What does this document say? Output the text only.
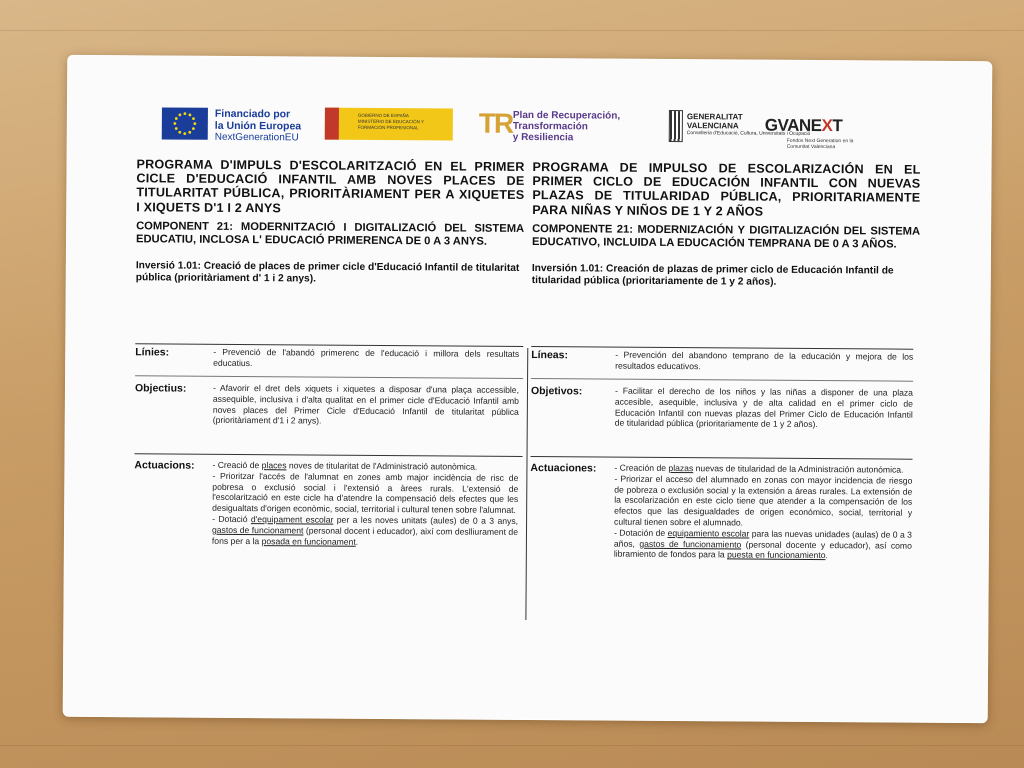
Financiado por
la Unión Europea
NextGenerationEU
GOBIERNO DE ESPAÑA
MINISTERIO DE EDUCACIÓN Y FORMACIÓN PROFESIONAL	TR Plan de Recuperación,
Transformación
y Resiliencia
GENERALITAT
VALENCIANA
Conselleria d'Educació, Cultura, Universitats i Ocupació
GVANEXT
Fondos Next Generation en la Comunitat Valenciana
PROGRAMA D'IMPULS D'ESCOLARITZACIÓ EN EL PRIMER CICLE D'EDUCACIÓ INFANTIL AMB NOVES PLACES DE TITULARITAT PÚBLICA, PRIORITÀRIAMENT PER A XIQUETES I XIQUETS D'1 I 2 ANYS
COMPONENT 21: MODERNITZACIÓ I DIGITALIZACIÓ DEL SISTEMA EDUCATIU, INCLOSA L' EDUCACIÓ PRIMERENCA DE 0 A 3 ANYS.
Inversió 1.01: Creació de places de primer cicle d'Educació Infantil de titularitat pública (prioritàriament d' 1 i 2 anys).
PROGRAMA DE IMPULSO DE ESCOLARIZACIÓN EN EL PRIMER CICLO DE EDUCACIÓN INFANTIL CON NUEVAS PLAZAS DE TITULARIDAD PÚBLICA, PRIORITARIAMENTE PARA NIÑAS Y NIÑOS DE 1 Y 2 AÑOS
COMPONENTE 21: MODERNIZACIÓN Y DIGITALIZACIÓN DEL SISTEMA EDUCATIVO, INCLUIDA LA EDUCACIÓN TEMPRANA DE 0 A 3 AÑOS.
Inversión 1.01: Creación de plazas de primer ciclo de Educación Infantil de titularidad pública (prioritariamente de 1 y 2 años).
Línies:	- Prevenció de l'abandó primerenc de l'educació i millora dels resultats educatius.
Objectius:	- Afavorir el dret dels xiquets i xiquetes a disposar d'una plaça accessible, assequible, inclusiva i d'alta qualitat en el primer cicle d'Educació Infantil amb noves places del Primer Cicle d'Educació Infantil de titularitat pública (prioritàriament d'1 i 2 anys).
Actuacions: - Creació de places noves de titularitat de l'Administració autonòmica.

- Prioritzar l'accés de l'alumnat en zones amb major incidència de risc de pobresa o exclusió social i l'extensió a àrees rurals. L'extensió de l'escolarització en este cicle ha d'atendre la compensació dels efectes que les desigualtats d'origen econòmic, social, territorial i cultural tenen sobre l'alumnat.

- Dotació d'equipament escolar per a les noves unitats (aules) de 0 a 3 anys, gastos de funcionament (personal docent i educador), així com deslliurament de fons per a la posada en funcionament.

Líneas:	- Prevención del abandono temprano de la educación y mejora de los resultados educativos.
Objetivos:	- Facilitar el derecho de los niños y las niñas a disponer de una plaza accesible, asequible, inclusiva y de alta calidad en el primer ciclo de Educación Infantil con nuevas plazas del Primer Ciclo de Educación Infantil de titularidad pública (prioritariamente de 1 y 2 años).
Actuaciones: - Creación de plazas nuevas de titularidad de la Administración autonómica.

- Priorizar el acceso del alumnado en zonas con mayor incidencia de riesgo de pobreza o exclusión social y la extensión a áreas rurales. La extensión de la escolarización en este ciclo tiene que atender a la compensación de los efectos que las desigualdades de origen económico, social, territorial y cultural tienen sobre el alumnado.

- Dotación de equipamiento escolar para las nuevas unidades (aulas) de 0 a 3 años, gastos de funcionamiento (personal docente y educador), así como libramiento de fondos para la puesta en funcionamiento.
